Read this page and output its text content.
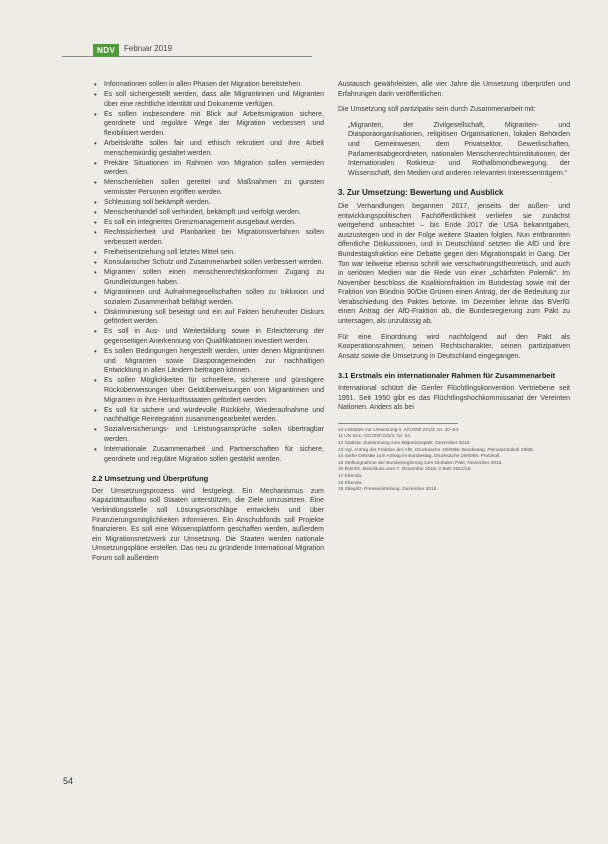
NDV	Februar 2019
• Informationen sollen in allen Phasen der Migration bereitstehen.
• Es soll sichergestellt werden, dass alle Migrantinnen und Migranten über eine rechtliche Identität und Dokumente verfügen.
• Es sollen insbesondere mit Blick auf Arbeitsmigration sichere, geordnete und reguläre Wege der Migration verbessert und flexibilisiert werden.
• Arbeitskräfte sollen fair und ethisch rekrutiert und ihre Arbeit menschenwürdig gestaltet werden.
• Prekäre Situationen im Rahmen von Migration sollen vermieden werden.
• Menschenleben sollen gerettet und Maßnahmen zu gunsten vermisster Personen ergriffen werden.
• Schleusung soll bekämpft werden.
• Menschenhandel soll verhindert, bekämpft und verfolgt werden.
• Es soll ein integriertes Grenzmanagement ausgebaut werden.
• Rechtssicherheit und Planbarkeit bei Migrationsverfahren sollen verbessert werden.
• Freiheitsentziehung soll letztes Mittel sein.
• Konsularischer Schutz und Zusammenarbeit sollen verbessert werden.
• Migranten sollen einen menschenrechtskonformen Zugang zu Grundleistungen haben.
• Migrantinnen und Aufnahmegesellschaften sollen zu Inklusion und sozialem Zusammenhalt befähigt werden.
• Diskriminierung soll beseitigt und ein auf Fakten beruhender Diskurs gefördert werden.
• Es soll in Aus- und Weiterbildung sowie in Erleichterung der gegenseitigen Anerkennung von Qualifikationen investiert werden.
• Es sollen Bedingungen hergestellt werden, unter denen Migrantinnen und Migranten sowie Diasporagemeinden zur nachhaltigen Entwicklung in allen Ländern beitragen können.
• Es sollen Möglichkeiten für schnellere, sicherere und günstigere Rücküberweisungen über Geldüberweisungen von Migrantinnen und Migranten in ihre Herkunftsstaaten gefördert werden.
• Es soll für sichere und würdevolle Rückkehr, Wiederaufnahme und nachhaltige Reintegration zusammengearbeitet werden.
• Sozialversicherungs- und Leistungsansprüche sollen übertragbar werden.
• Internationale Zusammenarbeit und Partnerschaften für sichere, geordnete und reguläre Migration sollen gestärkt werden.
2.2 Umsetzung und Überprüfung

Der Umsetzungsprozess wird festgelegt. Ein Mechanismus zum Kapazitätsaufbau soll Staaten unterstützen, die Ziele umzusetzen. Eine Verbindungsstelle soll Lösungsvorschläge entwickeln und über Finanzierungsmöglichkeiten informieren. Ein Anschubfonds soll Projekte finanzieren. Es soll eine Wissensplattform geschaffen werden, außerdem ein Migrationsnetzwerk zur Umsetzung. Die Staaten werden nationale Umsetzungspläne erstellen. Das neu zu gründende International Migration Forum soll außerdem

Austausch gewährleisten, alle vier Jahre die Umsetzung überprüfen und Erfahrungen darin veröffentlichen.

Die Umsetzung soll partizipativ sein durch Zusammenarbeit mit:

„Migranten, der Zivilgesellschaft, Migranten- und Diasporaorganisationen, religiösen Organisationen, lokalen Behörden und Gemeinwesen, dem Privatsektor, Gewerkschaften, Parlamentsabgeordneten, nationalen Menschenrechtsinstitutionen, der Internationalen Rotkreuz- und Rothalbmondbewegung, der Wissenschaft, den Medien und anderen relevanten Interessenträgern.“
3. Zur Umsetzung: Bewertung und Ausblick

Die Verhandlungen begannen 2017, jenseits der außen- und entwicklungspolitischen Fachöffentlichkeit verliefen sie zunächst weitgehend unbeachtet – bis Ende 2017 die USA bekanntgaben, auszusteigen und in der Folge weitere Staaten folgten. Nun entbrannten öffentliche Diskussionen, und in Deutschland setzten die AfD und ihre Bundestagsfraktion eine Debatte gegen den Migrationspakt in Gang. Der Ton war teilweise ebenso schrill wie verschwörungstheoretisch, und auch in seriösen Medien war die Rede von einer „schärfsten Polemik“. Im November beschloss die Koalitionsfraktion im Bundestag sowie mit der Fraktion von Bündnis 90/Die Grünen einen Antrag, der die Bedeutung zur Verabschiedung des Paktes betonte. Im Dezember lehnte das BVerfG einen Antrag der AfD-Fraktion ab, die Bundesregierung zum Pakt zu untersagen, als unzulässig ab.

Für eine Einordnung wird nachfolgend auf den Pakt als Kooperationsrahmen, seinen Rechtscharakter, seinen partizipativen Ansatz sowie die Umsetzung in Deutschland eingegangen.

3.1 Erstmals ein internationaler Rahmen für Zusammenarbeit

International schützt die Genfer Flüchtlingskonvention Vertriebene seit 1951. Seit 1950 gibt es das Flüchtlingshochkommissariat der Vereinten Nationen. Anders als bei

10 Leitsätze zur Umsetzung s. A/CONF.231/3, Nr. 40–54.
11 UN Doc. A/CONF.231/3, Nr. 44.
12 Statista: Zustimmung zum Migrationspakt, Dezember 2018.
13 Vgl. Antrag der Fraktion der AfD, Drucksache 19/6056; Bundestag, Plenarprotokoll 19/66.
14 Siehe Debatte zum Antrag im Bundestag, Drucksache 19/6056, Protokoll.
15 Stellungnahme der Bundesregierung zum Globalen Pakt, November 2018.
16 BVerfG, Beschluss vom 7. Dezember 2018, 2 BvR 2621/18.
17 Ebenda.
18 Ebenda.
19 Stieglitz, Pressemitteilung, Dezember 2018.
54
